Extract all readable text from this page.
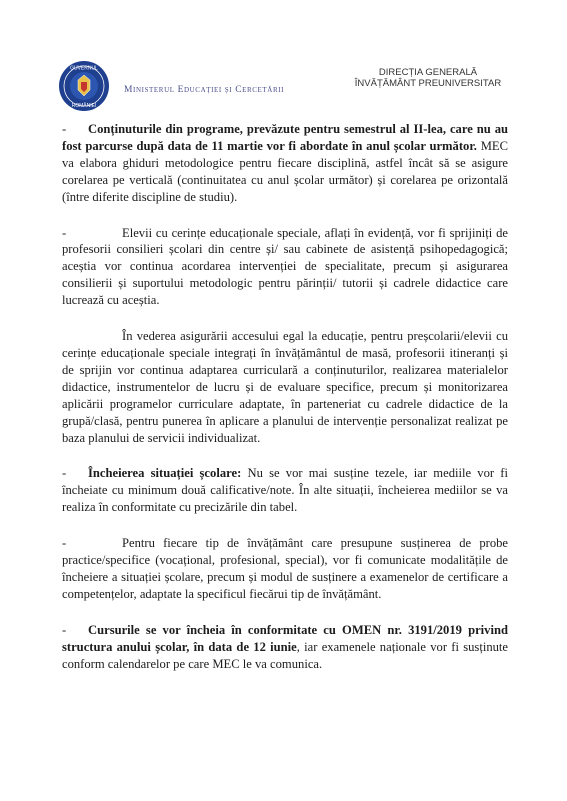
GUVERNUL
ROMÂNIEI
Ministerul Educației și Cercetării
DIRECȚIA GENERALĂ
ÎNVĂȚĂMÂNT PREUNIVERSITAR

- Conținuturile din programe, prevăzute pentru semestrul al II-lea, care nu au fost parcurse după data de 11 martie vor fi abordate în anul școlar următor. MEC va elabora ghiduri metodologice pentru fiecare disciplină, astfel încât să se asigure corelarea pe verticală (continuitatea cu anul școlar următor) și corelarea pe orizontală (între diferite discipline de studiu).

-	Elevii cu cerințe educaționale speciale, aflați în evidență, vor fi sprijiniți de profesorii consilieri școlari din centre și/ sau cabinete de asistență psihopedagogică; aceștia vor continua acordarea intervenției de specialitate, precum și asigurarea consilierii și suportului metodologic pentru părinții/ tutorii și cadrele didactice care lucrează cu aceștia.

În vederea asigurării accesului egal la educație, pentru preșcolarii/elevii cu cerințe educaționale speciale integrați în învățământul de masă, profesorii itineranți și de sprijin vor continua adaptarea curriculară a conținuturilor, realizarea materialelor didactice, instrumentelor de lucru și de evaluare specifice, precum și monitorizarea aplicării programelor curriculare adaptate, în parteneriat cu cadrele didactice de la grupă/clasă, pentru punerea în aplicare a planului de intervenție personalizat realizat pe baza planului de servicii individualizat.

- Încheierea situației școlare: Nu se vor mai susține tezele, iar mediile vor fi încheiate cu minimum două calificative/note. În alte situații, încheierea mediilor se va realiza în conformitate cu precizările din tabel.

-	Pentru fiecare tip de învățământ care presupune susținerea de probe practice/specifice (vocațional, profesional, special), vor fi comunicate modalitățile de încheiere a situației școlare, precum și modul de susținere a examenelor de certificare a competențelor, adaptate la specificul fiecărui tip de învățământ.

- Cursurile se vor încheia în conformitate cu OMEN nr. 3191/2019 privind structura anului școlar, în data de 12 iunie, iar examenele naționale vor fi susținute conform calendarelor pe care MEC le va comunica.
